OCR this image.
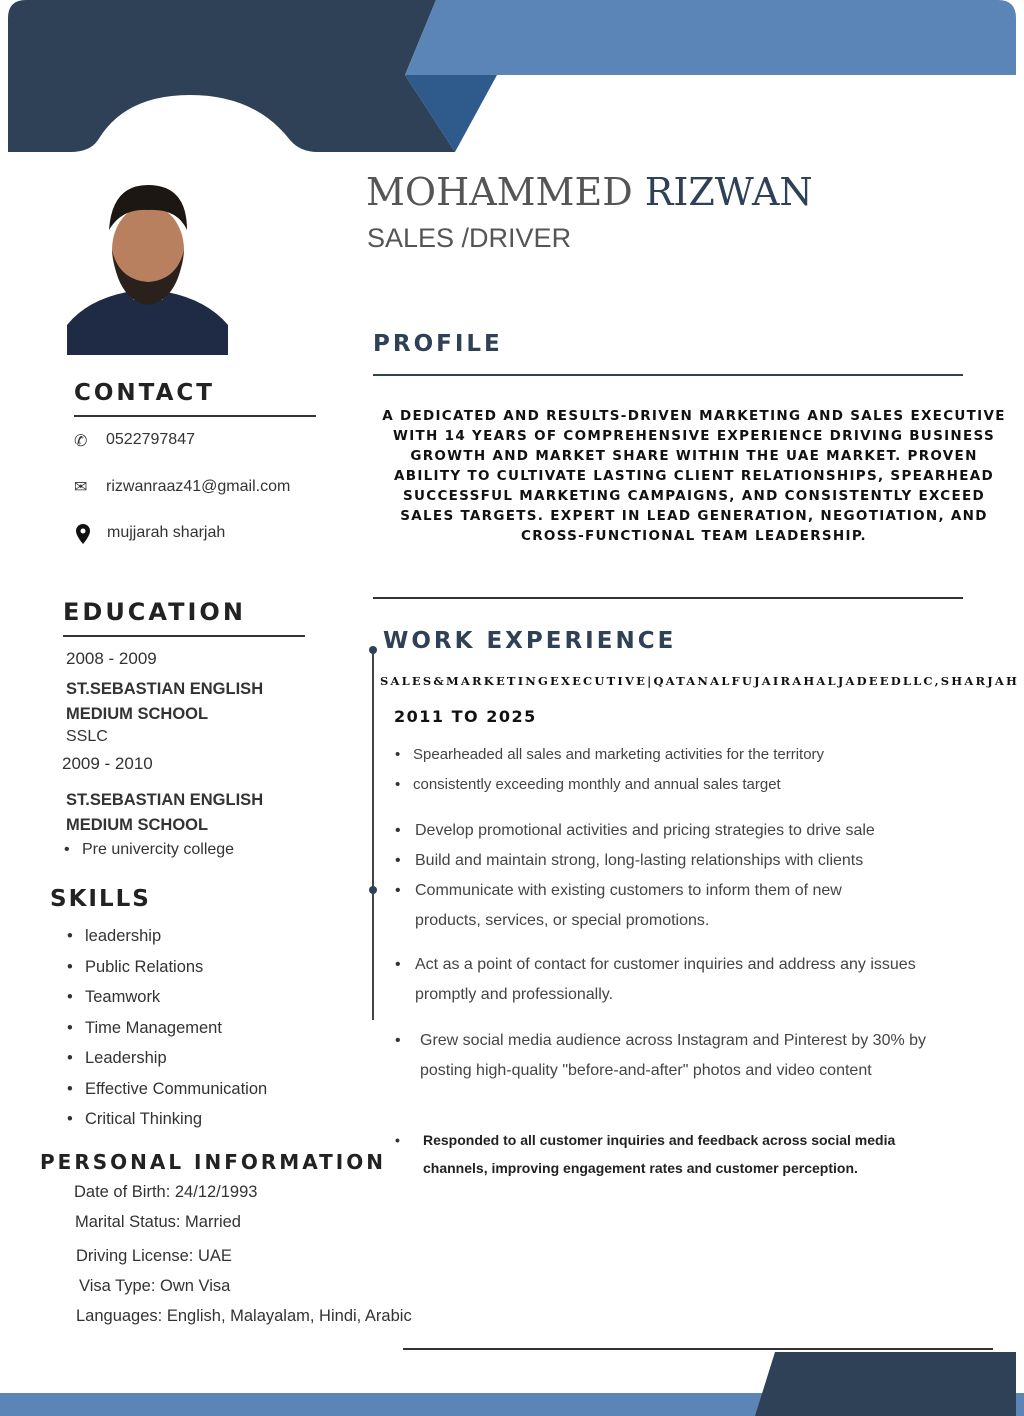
MOHAMMED RIZWAN
SALES /DRIVER
CONTACT
✆ 0522797847
✉ rizwanraaz41@gmail.com
mujjarah sharjah
EDUCATION
2008 - 2009
ST.SEBASTIAN ENGLISH MEDIUM SCHOOL
SSLC
2009 - 2010
ST.SEBASTIAN ENGLISH MEDIUM SCHOOL
• Pre univercity college
SKILLS
• leadership
• Public Relations
• Teamwork
• Time Management
• Leadership
• Effective Communication
• Critical Thinking
PERSONAL INFORMATION
Date of Birth: 24/12/1993
Marital Status: Married
Driving License: UAE
Visa Type: Own Visa
Languages: English, Malayalam, Hindi, Arabic
PROFILE
A DEDICATED AND RESULTS-DRIVEN MARKETING AND SALES EXECUTIVE WITH 14 YEARS OF COMPREHENSIVE EXPERIENCE DRIVING BUSINESS GROWTH AND MARKET SHARE WITHIN THE UAE MARKET. PROVEN ABILITY TO CULTIVATE LASTING CLIENT RELATIONSHIPS, SPEARHEAD SUCCESSFUL MARKETING CAMPAIGNS, AND CONSISTENTLY EXCEED SALES TARGETS. EXPERT IN LEAD GENERATION, NEGOTIATION, AND CROSS-FUNCTIONAL TEAM LEADERSHIP.
WORK EXPERIENCE
SALES&MARKETINGEXECUTIVE|QATANALFUJAIRAHALJADEEDLLC,SHARJAH
2011 TO 2025
• Spearheaded all sales and marketing activities for the territory
• consistently exceeding monthly and annual sales target
• Develop promotional activities and pricing strategies to drive sale
• Build and maintain strong, long-lasting relationships with clients
• Communicate with existing customers to inform them of new products, services, or special promotions.
• Act as a point of contact for customer inquiries and address any issues promptly and professionally.
• Grew social media audience across Instagram and Pinterest by 30% by posting high-quality "before-and-after" photos and video content
• Responded to all customer inquiries and feedback across social media channels, improving engagement rates and customer perception.
